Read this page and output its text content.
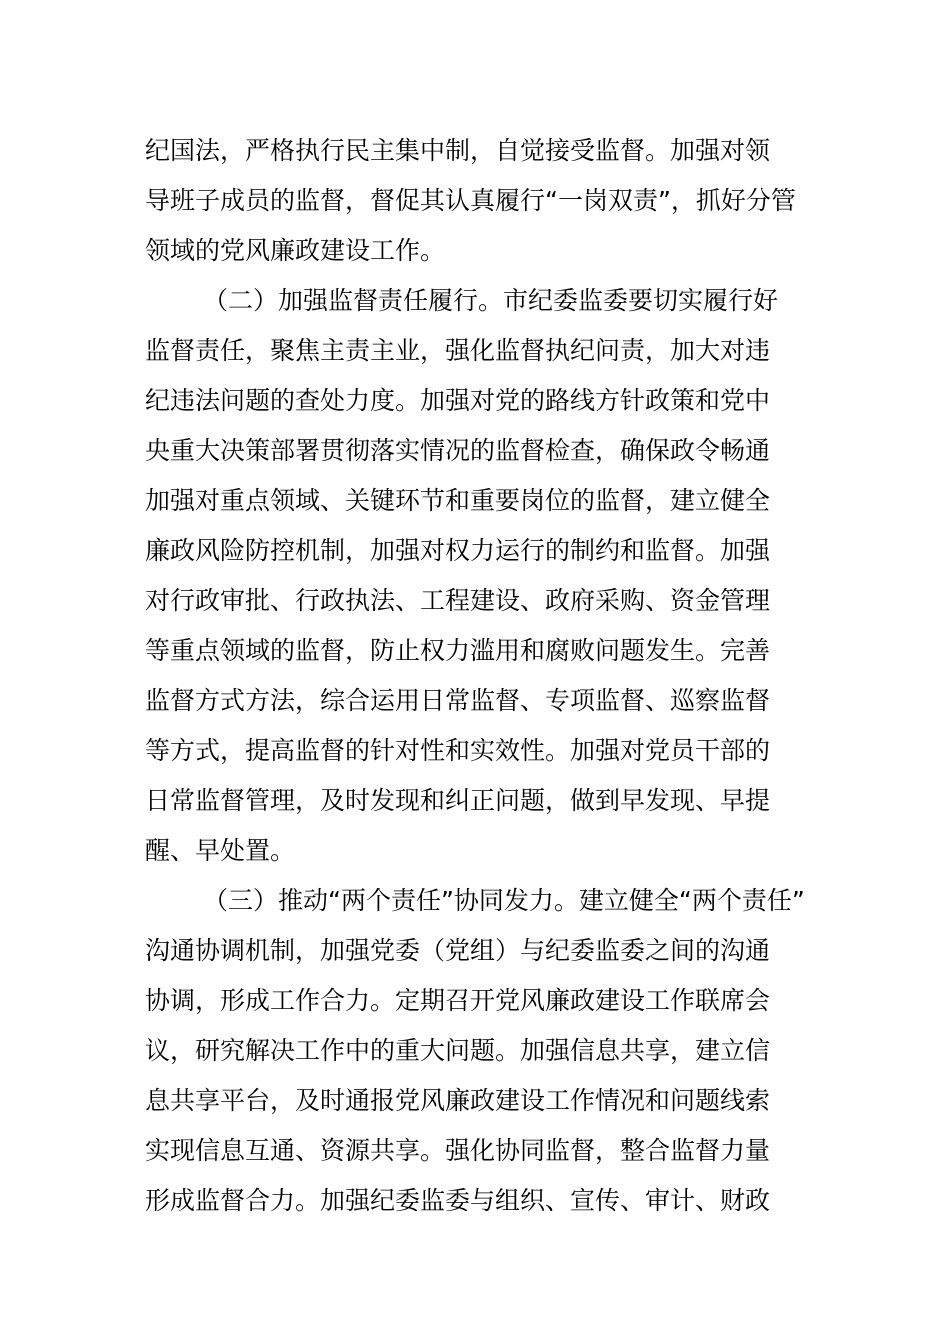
纪国法，严格执行民主集中制，自觉接受监督。加强对领
导班子成员的监督，督促其认真履行“一岗双责”，抓好分管
领域的党风廉政建设工作。
（二）加强监督责任履行。市纪委监委要切实履行好
监督责任，聚焦主责主业，强化监督执纪问责，加大对违
纪违法问题的查处力度。加强对党的路线方针政策和党中
央重大决策部署贯彻落实情况的监督检查，确保政令畅通
加强对重点领域、关键环节和重要岗位的监督，建立健全
廉政风险防控机制，加强对权力运行的制约和监督。加强
对行政审批、行政执法、工程建设、政府采购、资金管理
等重点领域的监督，防止权力滥用和腐败问题发生。完善
监督方式方法，综合运用日常监督、专项监督、巡察监督
等方式，提高监督的针对性和实效性。加强对党员干部的
日常监督管理，及时发现和纠正问题，做到早发现、早提
醒、早处置。
（三）推动“两个责任”协同发力。建立健全“两个责任”
沟通协调机制，加强党委（党组）与纪委监委之间的沟通
协调，形成工作合力。定期召开党风廉政建设工作联席会
议，研究解决工作中的重大问题。加强信息共享，建立信
息共享平台，及时通报党风廉政建设工作情况和问题线索
实现信息互通、资源共享。强化协同监督，整合监督力量
形成监督合力。加强纪委监委与组织、宣传、审计、财政
